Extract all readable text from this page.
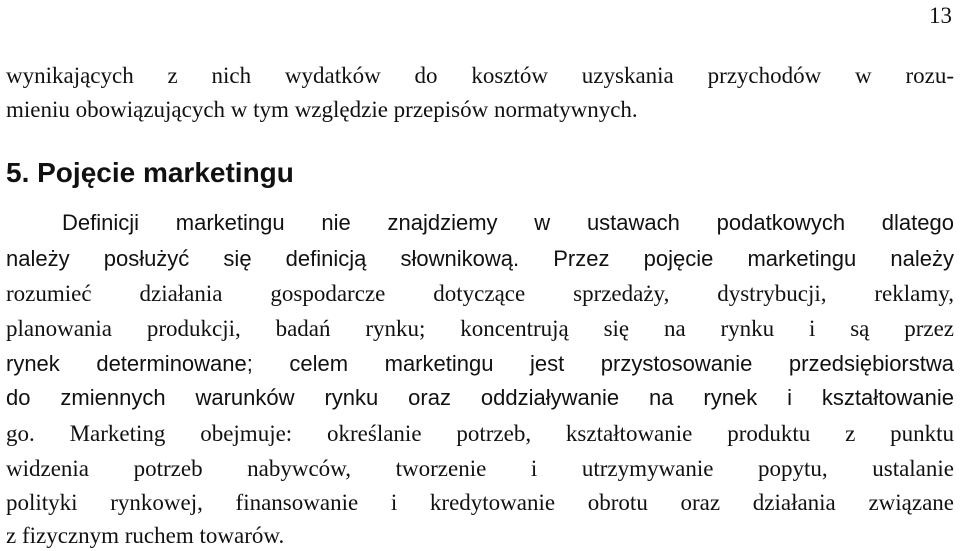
13
wynikających z nich wydatków do kosztów uzyskania przychodów w rozu-
mieniu obowiązujących w tym względzie przepisów normatywnych.
5. Pojęcie marketingu
Definicji marketingu nie znajdziemy w ustawach podatkowych dlatego
należy posłużyć się definicją słownikową. Przez pojęcie marketingu należy
rozumieć działania gospodarcze dotyczące sprzedaży, dystrybucji, reklamy,
planowania produkcji, badań rynku; koncentrują się na rynku i są przez
rynek determinowane; celem marketingu jest przystosowanie przedsiębiorstwa
do zmiennych warunków rynku oraz oddziaływanie na rynek i kształtowanie
go. Marketing obejmuje: określanie potrzeb, kształtowanie produktu z punktu
widzenia potrzeb nabywców, tworzenie i utrzymywanie popytu, ustalanie
polityki rynkowej, finansowanie i kredytowanie obrotu oraz działania związane
z fizycznym ruchem towarów.
